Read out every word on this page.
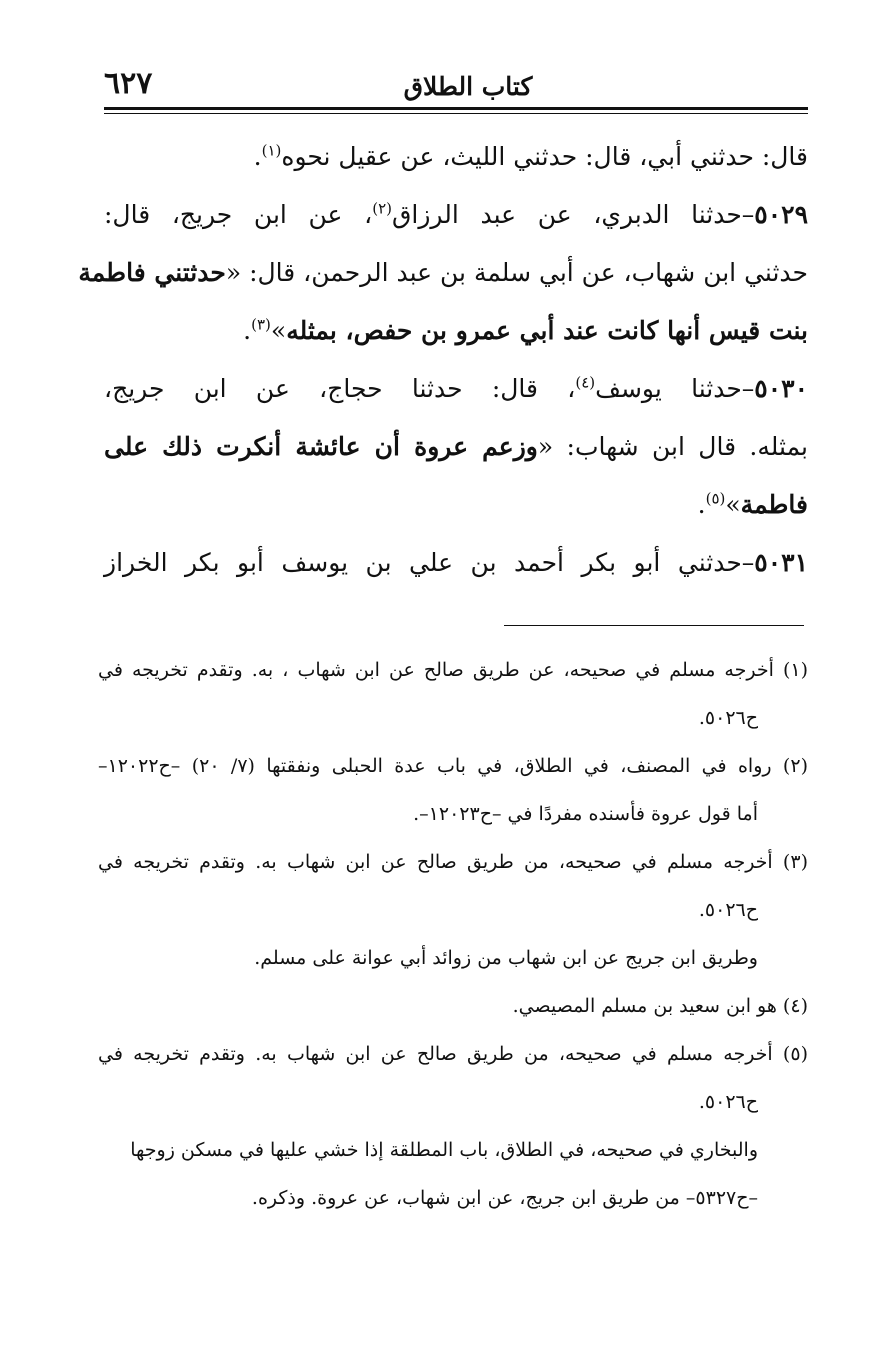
٦٢٧	كتاب الطلاق
قال: حدثني أبي، قال: حدثني الليث، عن عقيل نحوه$^{(١)}$.
٥٠٢٩–حدثنا الدبري، عن عبد الرزاق$^{(٢)}$، عن ابن جريج، قال:
حدثني ابن شهاب، عن أبي سلمة بن عبد الرحمن، قال: «حدثتني فاطمة
بنت قيس أنها كانت عند أبي عمرو بن حفص، بمثله»$^{(٣)}$.
٥٠٣٠–حدثنا يوسف$^{(٤)}$، قال: حدثنا حجاج، عن ابن جريج،
بمثله. قال ابن شهاب: «وزعم عروة أن عائشة أنكرت ذلك على
فاطمة»$^{(٥)}$.
٥٠٣١–حدثني أبو بكر أحمد بن علي بن يوسف أبو بكر الخراز
(١) أخرجه مسلم في صحيحه، عن طريق صالح عن ابن شهاب ، به. وتقدم تخريجه في
ح٥٠٢٦.
(٢) رواه في المصنف، في الطلاق، في باب عدة الحبلى ونفقتها (٧/ ٢٠) –ح١٢٠٢٢–
أما قول عروة فأسنده مفردًا في –ح١٢٠٢٣–.
(٣) أخرجه مسلم في صحيحه، من طريق صالح عن ابن شهاب به. وتقدم تخريجه في
ح٥٠٢٦.
وطريق ابن جريج عن ابن شهاب من زوائد أبي عوانة على مسلم.
(٤) هو ابن سعيد بن مسلم المصيصي.
(٥) أخرجه مسلم في صحيحه، من طريق صالح عن ابن شهاب به. وتقدم تخريجه في
ح٥٠٢٦.
والبخاري في صحيحه، في الطلاق، باب المطلقة إذا خشي عليها في مسكن زوجها
–ح٥٣٢٧– من طريق ابن جريج، عن ابن شهاب، عن عروة. وذكره.
